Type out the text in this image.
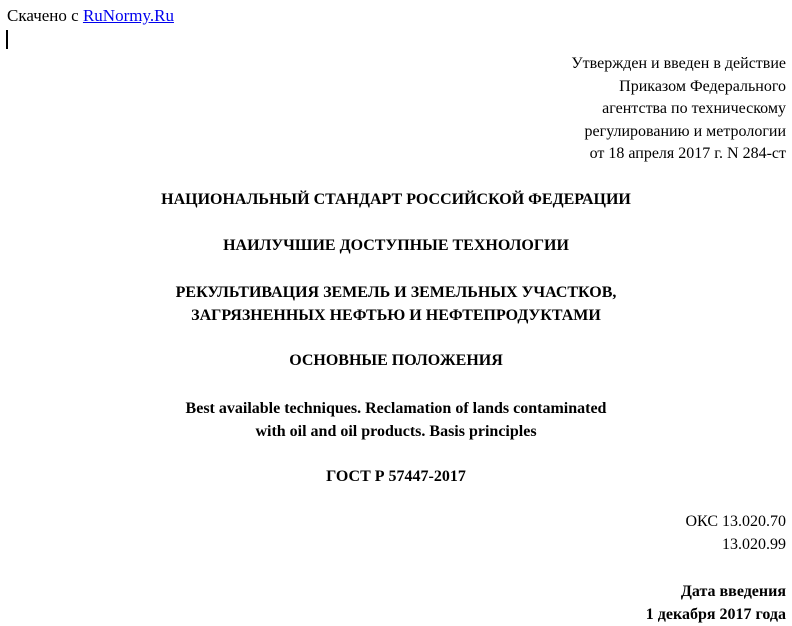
Скачено с RuNormy.Ru
Утвержден и введен в действие
Приказом Федерального
агентства по техническому
регулированию и метрологии
от 18 апреля 2017 г. N 284-ст
НАЦИОНАЛЬНЫЙ СТАНДАРТ РОССИЙСКОЙ ФЕДЕРАЦИИ
НАИЛУЧШИЕ ДОСТУПНЫЕ ТЕХНОЛОГИИ
РЕКУЛЬТИВАЦИЯ ЗЕМЕЛЬ И ЗЕМЕЛЬНЫХ УЧАСТКОВ,
ЗАГРЯЗНЕННЫХ НЕФТЬЮ И НЕФТЕПРОДУКТАМИ
ОСНОВНЫЕ ПОЛОЖЕНИЯ
Best available techniques. Reclamation of lands contaminated
with oil and oil products. Basis principles
ГОСТ Р 57447-2017
ОКС 13.020.70
13.020.99
Дата введения
1 декабря 2017 года
